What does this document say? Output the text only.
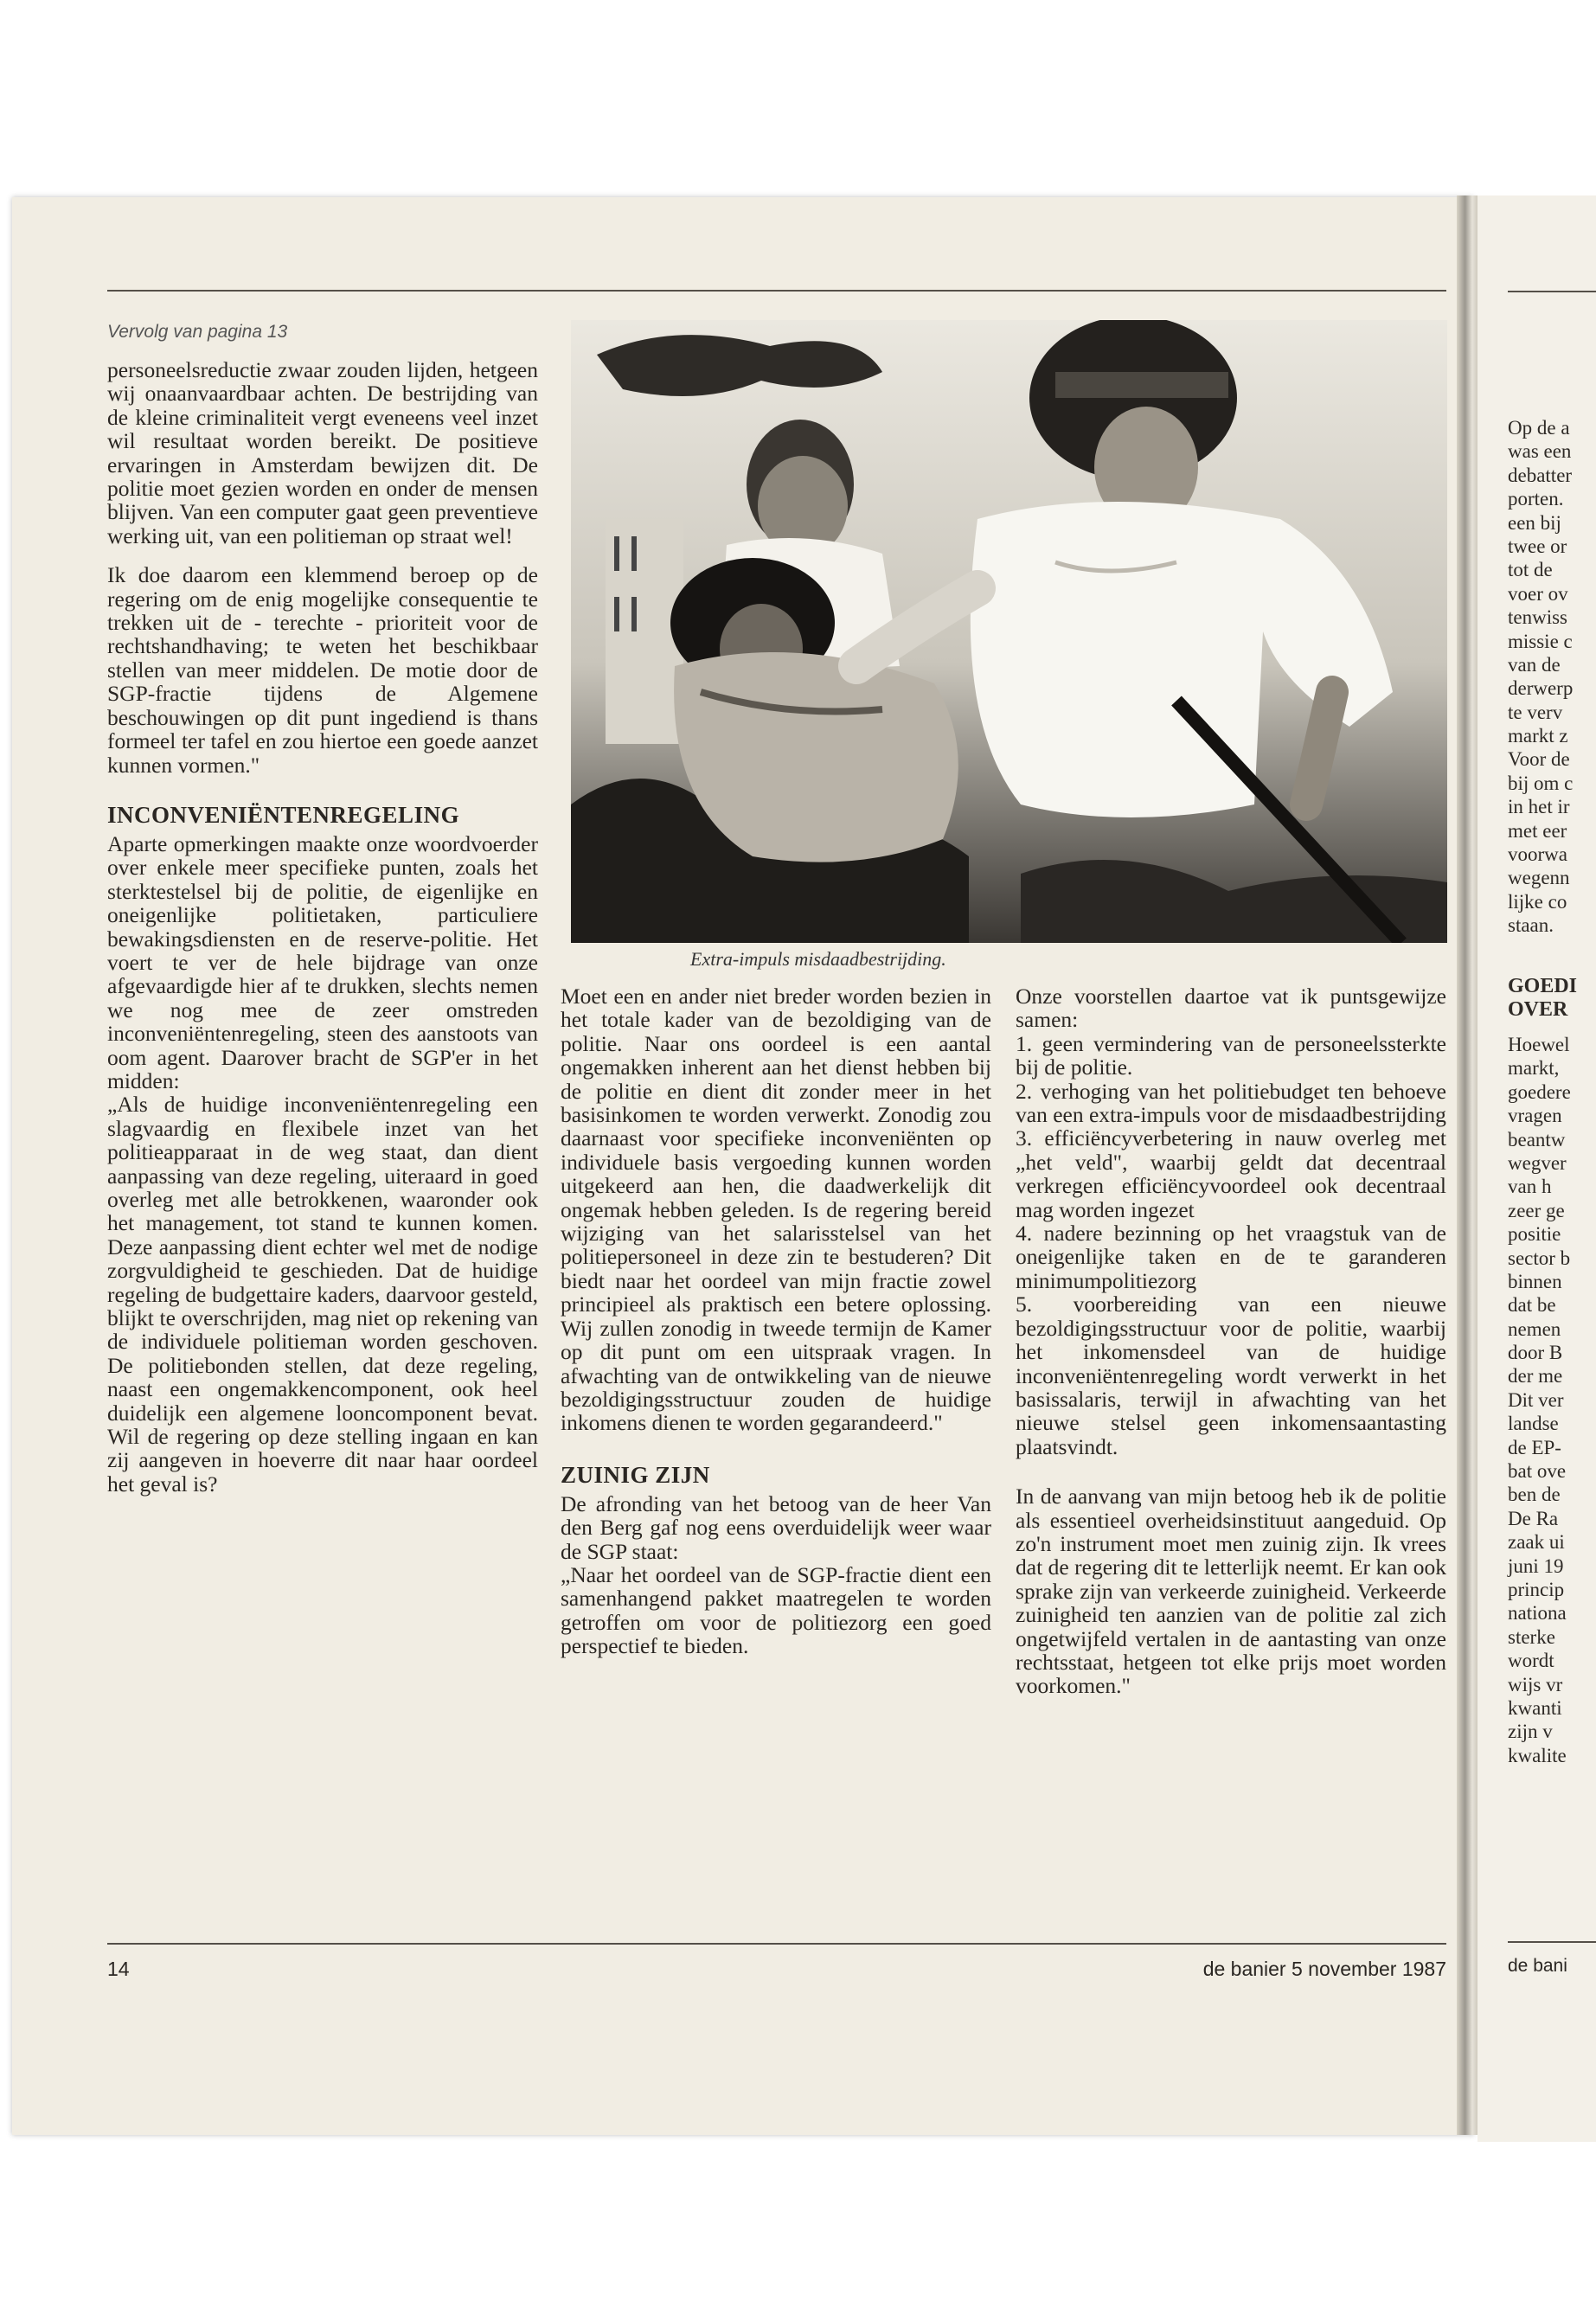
Vervolg van pagina 13

personeelsreductie zwaar zouden lijden, hetgeen wij onaanvaardbaar achten. De bestrijding van de kleine criminaliteit vergt eveneens veel inzet wil resultaat worden bereikt. De positieve ervaringen in Amsterdam bewijzen dit. De politie moet gezien worden en onder de mensen blijven. Van een computer gaat geen preventieve werking uit, van een politieman op straat wel!

Ik doe daarom een klemmend beroep op de regering om de enig mogelijke consequentie te trekken uit de - terechte - prioriteit voor de rechtshandhaving; te weten het beschikbaar stellen van meer middelen. De motie door de SGP-fractie tijdens de Algemene beschouwingen op dit punt ingediend is thans formeel ter tafel en zou hiertoe een goede aanzet kunnen vormen."

INCONVENIËNTENREGELING

Aparte opmerkingen maakte onze woordvoerder over enkele meer specifieke punten, zoals het sterktestelsel bij de politie, de eigenlijke en oneigenlijke politietaken, particuliere bewakingsdiensten en de reserve-politie. Het voert te ver de hele bijdrage van onze afgevaardigde hier af te drukken, slechts nemen we nog mee de zeer omstreden inconveniëntenregeling, steen des aanstoots van oom agent. Daarover bracht de SGP'er in het midden:

„Als de huidige inconveniëntenregeling een slagvaardig en flexibele inzet van het politieapparaat in de weg staat, dan dient aanpassing van deze regeling, uiteraard in goed overleg met alle betrokkenen, waaronder ook het management, tot stand te kunnen komen. Deze aanpassing dient echter wel met de nodige zorgvuldigheid te geschieden. Dat de huidige regeling de budgettaire kaders, daarvoor gesteld, blijkt te overschrijden, mag niet op rekening van de individuele politieman worden geschoven. De politiebonden stellen, dat deze regeling, naast een ongemakkencomponent, ook heel duidelijk een algemene looncomponent bevat. Wil de regering op deze stelling ingaan en kan zij aangeven in hoeverre dit naar haar oordeel het geval is?

Extra-impuls misdaadbestrijding.

Moet een en ander niet breder worden bezien in het totale kader van de bezoldiging van de politie. Naar ons oordeel is een aantal ongemakken inherent aan het dienst hebben bij de politie en dient dit zonder meer in het basisinkomen te worden verwerkt. Zonodig zou daarnaast voor specifieke inconveniënten op individuele basis vergoeding kunnen worden uitgekeerd aan hen, die daadwerkelijk dit ongemak hebben geleden. Is de regering bereid wijziging van het salarisstelsel van het politiepersoneel in deze zin te bestuderen? Dit biedt naar het oordeel van mijn fractie zowel principieel als praktisch een betere oplossing. Wij zullen zonodig in tweede termijn de Kamer op dit punt om een uitspraak vragen. In afwachting van de ontwikkeling van de nieuwe bezoldigingsstructuur zouden de huidige inkomens dienen te worden gegarandeerd."

ZUINIG ZIJN

De afronding van het betoog van de heer Van den Berg gaf nog eens overduidelijk weer waar de SGP staat:

„Naar het oordeel van de SGP-fractie dient een samenhangend pakket maatregelen te worden getroffen om voor de politiezorg een goed perspectief te bieden.

Onze voorstellen daartoe vat ik puntsgewijze samen:

1. geen vermindering van de personeelssterkte bij de politie.
2. verhoging van het politiebudget ten behoeve van een extra-impuls voor de misdaadbestrijding
3. efficiëncyverbetering in nauw overleg met „het veld", waarbij geldt dat decentraal verkregen efficiëncyvoordeel ook decentraal mag worden ingezet
4. nadere bezinning op het vraagstuk van de oneigenlijke taken en de te garanderen minimumpolitiezorg
5. voorbereiding van een nieuwe bezoldigingsstructuur voor de politie, waarbij het inkomensdeel van de huidige inconveniëntenregeling wordt verwerkt in het basissalaris, terwijl in afwachting van het nieuwe stelsel geen inkomensaantasting plaatsvindt.

In de aanvang van mijn betoog heb ik de politie als essentieel overheidsinstituut aangeduid. Op zo'n instrument moet men zuinig zijn. Ik vrees dat de regering dit te letterlijk neemt. Er kan ook sprake zijn van verkeerde zuinigheid. Verkeerde zuinigheid ten aanzien van de politie zal zich ongetwijfeld vertalen in de aantasting van onze rechtsstaat, hetgeen tot elke prijs moet worden voorkomen."

14	de banier 5 november 1987
Op de a
was een
debatter
porten.
een bij
twee or
tot de
voer ov
tenwiss
missie c
van de
derwerp
te verv
markt z
Voor de
bij om c
in het ir
met eer
voorwa
wegenn
lijke co
staan.
GOEDI
OVER
Hoewel
markt,
goedere
vragen
beantw
wegver
van h
zeer ge
positie
sector b
binnen
dat be
nemen
door B
der me
Dit ver
landse
de EP-
bat ove
ben de
De Ra
zaak ui
juni 19
princip
nationa
sterke
wordt
wijs vr
kwanti
zijn v
kwalite
de bani
